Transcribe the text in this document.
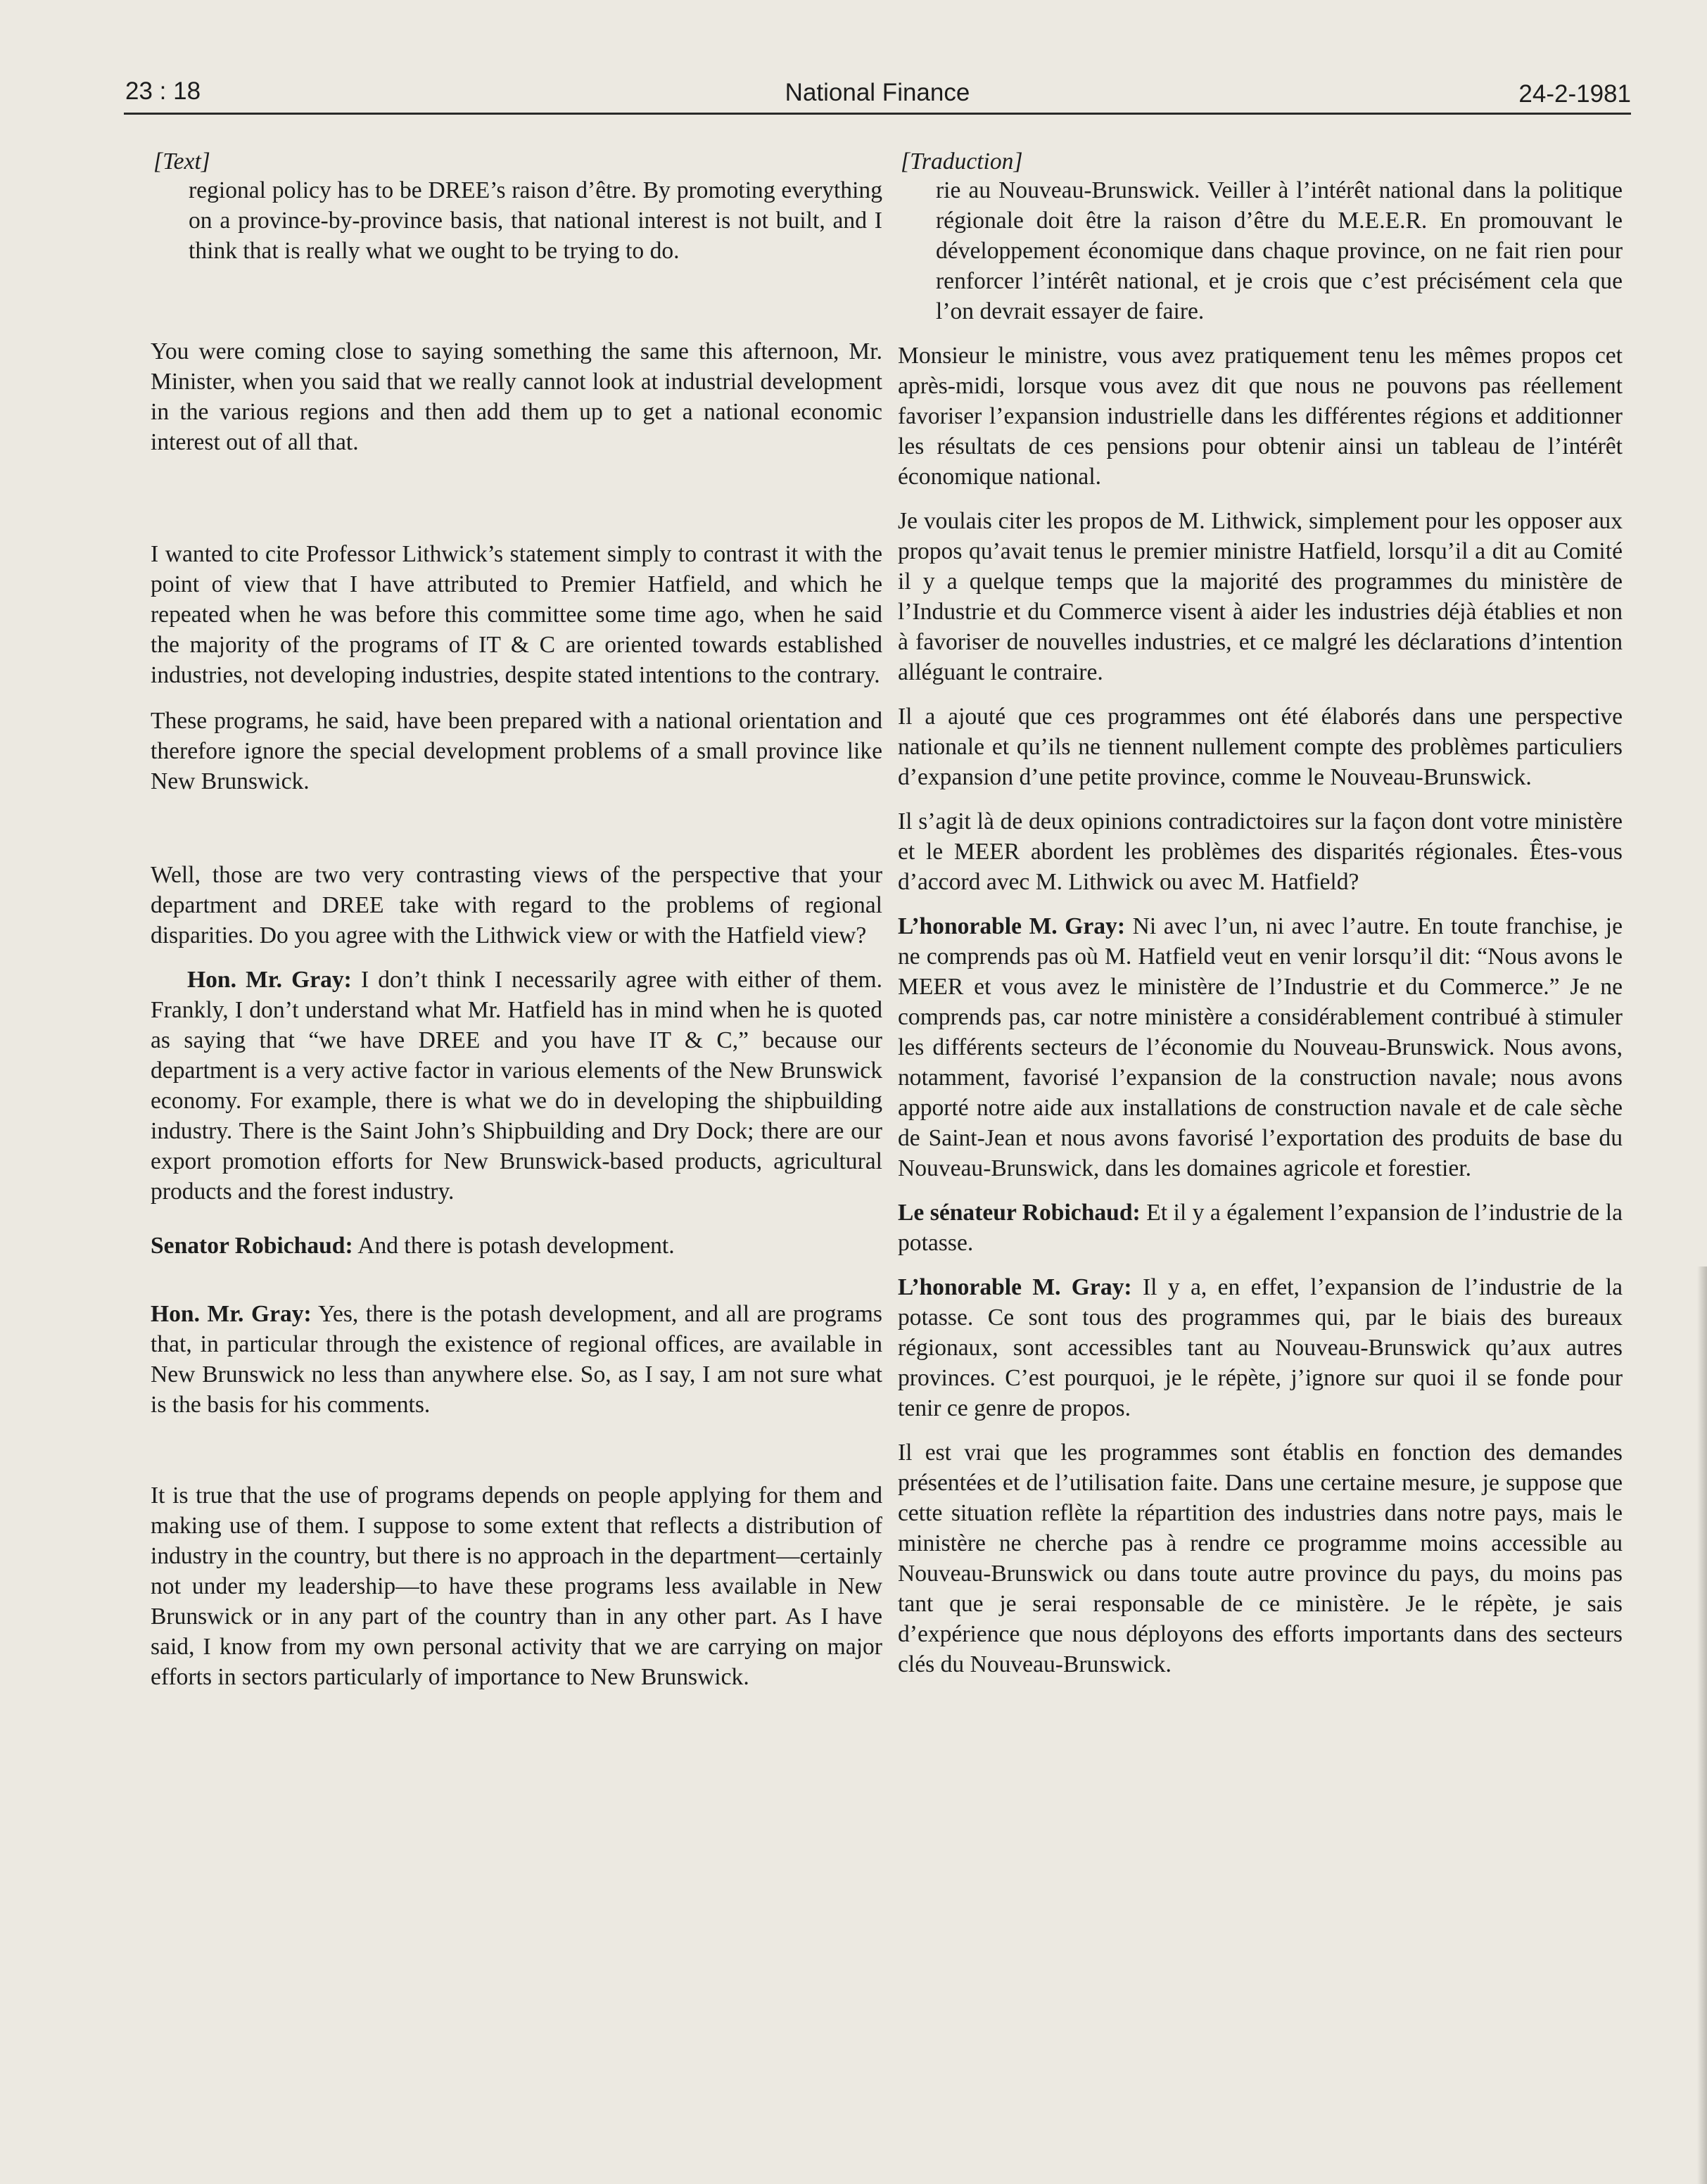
23 : 18	National Finance	24-2-1981
[Text]

regional policy has to be DREE’s raison d’être. By promoting everything on a province-by-province basis, that national interest is not built, and I think that is really what we ought to be trying to do.

You were coming close to saying something the same this afternoon, Mr. Minister, when you said that we really cannot look at industrial development in the various regions and then add them up to get a national economic interest out of all that.

I wanted to cite Professor Lithwick’s statement simply to contrast it with the point of view that I have attributed to Premier Hatfield, and which he repeated when he was before this committee some time ago, when he said the majority of the programs of IT & C are oriented towards established industries, not developing industries, despite stated intentions to the contrary.

These programs, he said, have been prepared with a national orientation and therefore ignore the special development problems of a small province like New Brunswick.

Well, those are two very contrasting views of the perspective that your department and DREE take with regard to the problems of regional disparities. Do you agree with the Lithwick view or with the Hatfield view?

Hon. Mr. Gray: I don’t think I necessarily agree with either of them. Frankly, I don’t understand what Mr. Hatfield has in mind when he is quoted as saying that “we have DREE and you have IT & C,” because our department is a very active factor in various elements of the New Brunswick economy. For example, there is what we do in developing the shipbuilding industry. There is the Saint John’s Shipbuilding and Dry Dock; there are our export promotion efforts for New Brunswick-based products, agricultural products and the forest industry.

Senator Robichaud: And there is potash development.

Hon. Mr. Gray: Yes, there is the potash development, and all are programs that, in particular through the existence of regional offices, are available in New Brunswick no less than anywhere else. So, as I say, I am not sure what is the basis for his comments.

It is true that the use of programs depends on people applying for them and making use of them. I suppose to some extent that reflects a distribution of industry in the country, but there is no approach in the department—certainly not under my leadership—to have these programs less available in New Brunswick or in any part of the country than in any other part. As I have said, I know from my own personal activity that we are carrying on major efforts in sectors particularly of importance to New Brunswick.

[Traduction]

rie au Nouveau-Brunswick. Veiller à l’intérêt national dans la politique régionale doit être la raison d’être du M.E.E.R. En promouvant le développement économique dans chaque province, on ne fait rien pour renforcer l’intérêt national, et je crois que c’est précisément cela que l’on devrait essayer de faire.

Monsieur le ministre, vous avez pratiquement tenu les mêmes propos cet après-midi, lorsque vous avez dit que nous ne pouvons pas réellement favoriser l’expansion industrielle dans les différentes régions et additionner les résultats de ces pensions pour obtenir ainsi un tableau de l’intérêt économique national.

Je voulais citer les propos de M. Lithwick, simplement pour les opposer aux propos qu’avait tenus le premier ministre Hatfield, lorsqu’il a dit au Comité il y a quelque temps que la majorité des programmes du ministère de l’Industrie et du Commerce visent à aider les industries déjà établies et non à favoriser de nouvelles industries, et ce malgré les déclarations d’intention alléguant le contraire.

Il a ajouté que ces programmes ont été élaborés dans une perspective nationale et qu’ils ne tiennent nullement compte des problèmes particuliers d’expansion d’une petite province, comme le Nouveau-Brunswick.

Il s’agit là de deux opinions contradictoires sur la façon dont votre ministère et le MEER abordent les problèmes des disparités régionales. Êtes-vous d’accord avec M. Lithwick ou avec M. Hatfield?

L’honorable M. Gray: Ni avec l’un, ni avec l’autre. En toute franchise, je ne comprends pas où M. Hatfield veut en venir lorsqu’il dit: “Nous avons le MEER et vous avez le ministère de l’Industrie et du Commerce.” Je ne comprends pas, car notre ministère a considérablement contribué à stimuler les différents secteurs de l’économie du Nouveau-Brunswick. Nous avons, notamment, favorisé l’expansion de la construction navale; nous avons apporté notre aide aux installations de construction navale et de cale sèche de Saint-Jean et nous avons favorisé l’exportation des produits de base du Nouveau-Brunswick, dans les domaines agricole et forestier.

Le sénateur Robichaud: Et il y a également l’expansion de l’industrie de la potasse.

L’honorable M. Gray: Il y a, en effet, l’expansion de l’industrie de la potasse. Ce sont tous des programmes qui, par le biais des bureaux régionaux, sont accessibles tant au Nouveau-Brunswick qu’aux autres provinces. C’est pourquoi, je le répète, j’ignore sur quoi il se fonde pour tenir ce genre de propos.

Il est vrai que les programmes sont établis en fonction des demandes présentées et de l’utilisation faite. Dans une certaine mesure, je suppose que cette situation reflète la répartition des industries dans notre pays, mais le ministère ne cherche pas à rendre ce programme moins accessible au Nouveau-Brunswick ou dans toute autre province du pays, du moins pas tant que je serai responsable de ce ministère. Je le répète, je sais d’expérience que nous déployons des efforts importants dans des secteurs clés du Nouveau-Brunswick.
